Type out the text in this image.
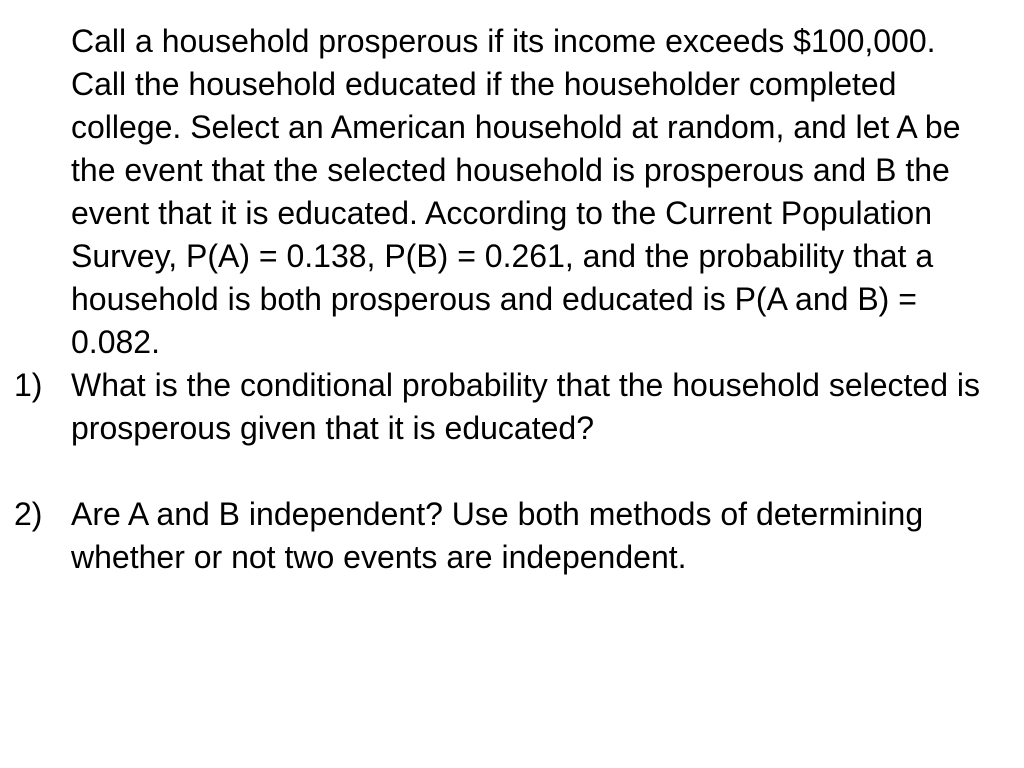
Call a household prosperous if its income exceeds $100,000. Call the household educated if the householder completed college. Select an American household at random, and let A be the event that the selected household is prosperous and B the event that it is educated. According to the Current Population Survey, P(A) = 0.138, P(B) = 0.261, and the probability that a household is both prosperous and educated is P(A and B) = 0.082.

1) What is the conditional probability that the household selected is prosperous given that it is educated?
2) Are A and B independent? Use both methods of determining whether or not two events are independent.
